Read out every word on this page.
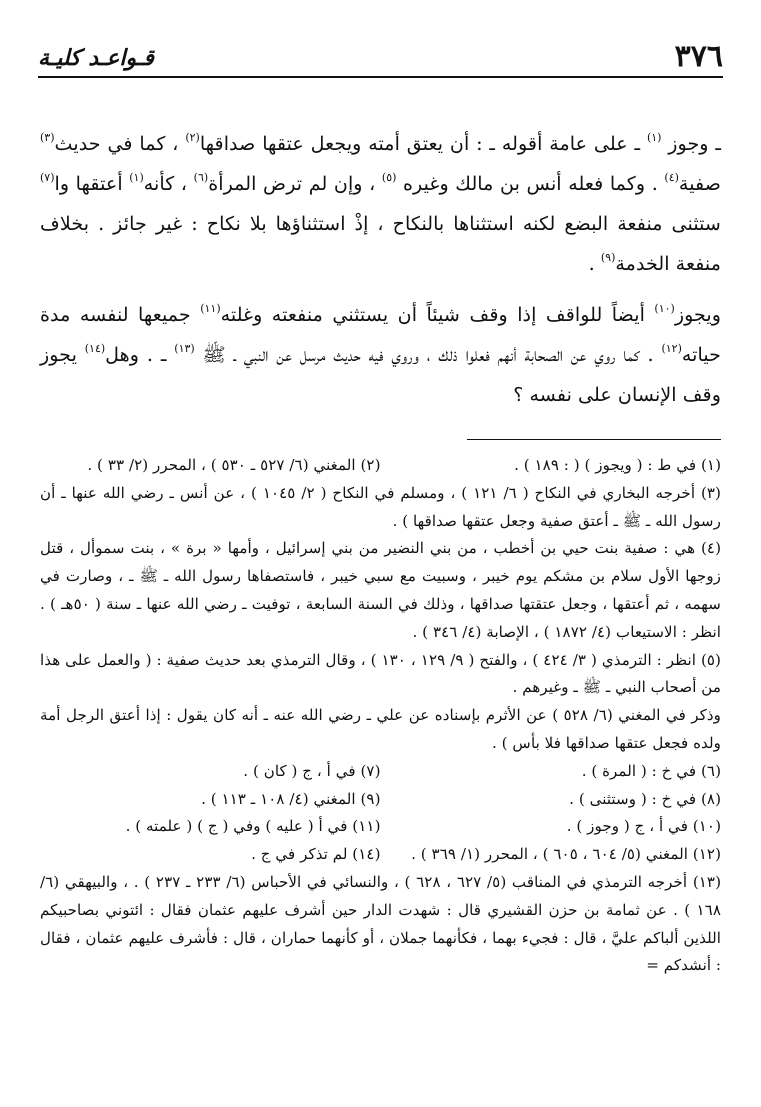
٣٧٦
قـواعـد كليـة

ـ وجوز $^{(١)}$ ـ على عامة أقوله ـ : أن يعتق أمته ويجعل عتقها صداقها$^{(٢)}$ ، كما في حديث$^{(٣)}$ صفية$^{(٤)}$ . وكما فعله أنس بن مالك وغيره $^{(٥)}$ ، وإن لم ترض المرأة$^{(٦)}$ ، كأنه$^{(١)}$ أعتقها وا$^{(٧)}$ ستثنى منفعة البضع لكنه استثناها بالنكاح ، إذْ استثناؤها بلا نكاح : غير جائز . بخلاف منفعة الخدمة$^{(٩)}$ .

ويجوز$^{(١٠)}$ أيضاً للواقف إذا وقف شيئاً أن يستثني منفعته وغلته$^{(١١)}$ جميعها لنفسه مدة حياته$^{(١٢)}$ . كما روي عن الصحابة أنهم فعلوا ذلك ، وروي فيه حديث مرسل عن النبي ـ ﷺ $^{(١٣)}$ ـ . وهل$^{(١٤)}$ يجوز وقف الإنسان على نفسه ؟

(١) في ط : ( ويجوز ) ( : ١٨٩ ) .
(٢) المغني (٦/ ٥٢٧ ـ ٥٣٠ ) ، المحرر (٢/ ٣٣ ) .
(٣) أخرجه البخاري في النكاح ( ٦/ ١٢١ ) ، ومسلم في النكاح ( ٢/ ١٠٤٥ ) ، عن أنس ـ رضي الله عنها ـ أن رسول الله ـ ﷺ ـ أعتق صفية وجعل عتقها صداقها ) .
(٤) هي : صفية بنت حيي بن أخطب ، من بني النضير من بني إسرائيل ، وأمها « برة » ، بنت سموأل ، قتل زوجها الأول سلام بن مشكم يوم خيبر ، وسبيت مع سبي خيبر ، فاستصفاها رسول الله ـ ﷺ ـ ، وصارت في سهمه ، ثم أعتقها ، وجعل عتقتها صداقها ، وذلك في السنة السابعة ، توفيت ـ رضي الله عنها ـ سنة ( ٥٠هـ ) . انظر : الاستيعاب (٤/ ١٨٧٢ ) ، الإصابة (٤/ ٣٤٦ ) .
(٥) انظر : الترمذي ( ٣/ ٤٢٤ ) ، والفتح ( ٩/ ١٢٩ ، ١٣٠ ) ، وقال الترمذي بعد حديث صفية : ( والعمل على هذا من أصحاب النبي ـ ﷺ ـ وغيرهم .
وذكر في المغني (٦/ ٥٢٨ ) عن الأثرم بإسناده عن علي ـ رضي الله عنه ـ أنه كان يقول : إذا أعتق الرجل أمة ولده فجعل عتقها صداقها فلا بأس ) .
(٦) في خ : ( المرة ) .
(٧) في أ ، ج ( كان ) .
(٨) في خ : ( وستثنى ) .
(٩) المغني (٤/ ١٠٨ ـ ١١٣ ) .
(١٠) في أ ، ج ( وجوز ) .
(١١) في أ ( عليه ) وفي ( ج ) ( علمته ) .
(١٢) المغني (٥/ ٦٠٤ ، ٦٠٥ ) ، المحرر (١/ ٣٦٩ ) .
(١٤) لم تذكر في ج .
(١٣) أخرجه الترمذي في المناقب (٥/ ٦٢٧ ، ٦٢٨ ) ، والنسائي في الأحباس (٦/ ٢٣٣ ـ ٢٣٧ ) . ، والبيهقي (٦/ ١٦٨ ) . عن ثمامة بن حزن القشيري قال : شهدت الدار حين أشرف عليهم عثمان فقال : ائتوني بصاحبيكم اللذين ألباكم عليَّ ، قال : فجيء بهما ، فكأنهما جملان ، أو كأنهما حماران ، قال : فأشرف عليهم عثمان ، فقال : أنشدكم =
